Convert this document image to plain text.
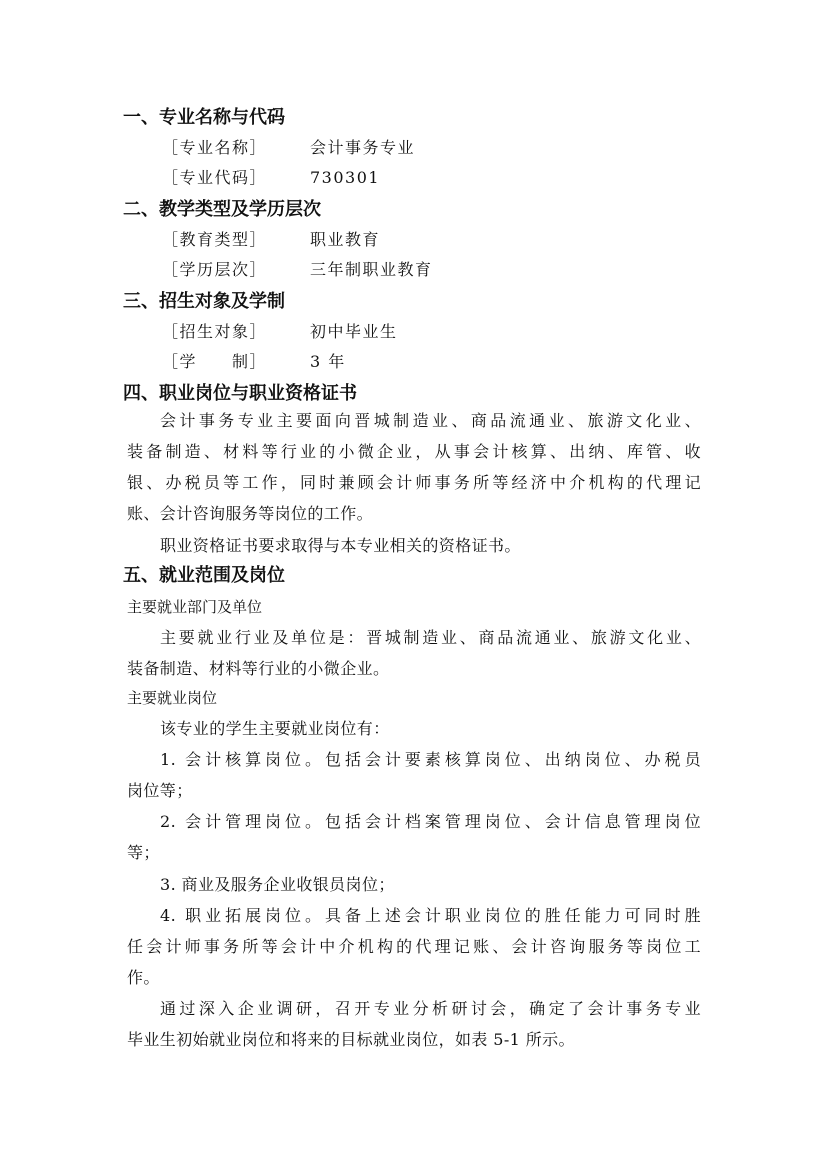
一、专业名称与代码
［专业名称］	会计事务专业
［专业代码］	730301
二、教学类型及学历层次
［教育类型］	职业教育
［学历层次］	三年制职业教育
三、招生对象及学制
［招生对象］	初中毕业生
［学　　制］	3 年
四、职业岗位与职业资格证书
会计事务专业主要面向晋城制造业、商品流通业、旅游文化业、
装备制造、材料等行业的小微企业，从事会计核算、出纳、库管、收
银、办税员等工作，同时兼顾会计师事务所等经济中介机构的代理记
账、会计咨询服务等岗位的工作。
职业资格证书要求取得与本专业相关的资格证书。
五、就业范围及岗位
主要就业部门及单位
主要就业行业及单位是：晋城制造业、商品流通业、旅游文化业、
装备制造、材料等行业的小微企业。
主要就业岗位
该专业的学生主要就业岗位有：
1. 会计核算岗位。包括会计要素核算岗位、出纳岗位、办税员
岗位等；
2. 会计管理岗位。包括会计档案管理岗位、会计信息管理岗位
等；
3. 商业及服务企业收银员岗位；
4. 职业拓展岗位。具备上述会计职业岗位的胜任能力可同时胜
任会计师事务所等会计中介机构的代理记账、会计咨询服务等岗位工
作。
通过深入企业调研，召开专业分析研讨会，确定了会计事务专业
毕业生初始就业岗位和将来的目标就业岗位，如表 5-1 所示。
